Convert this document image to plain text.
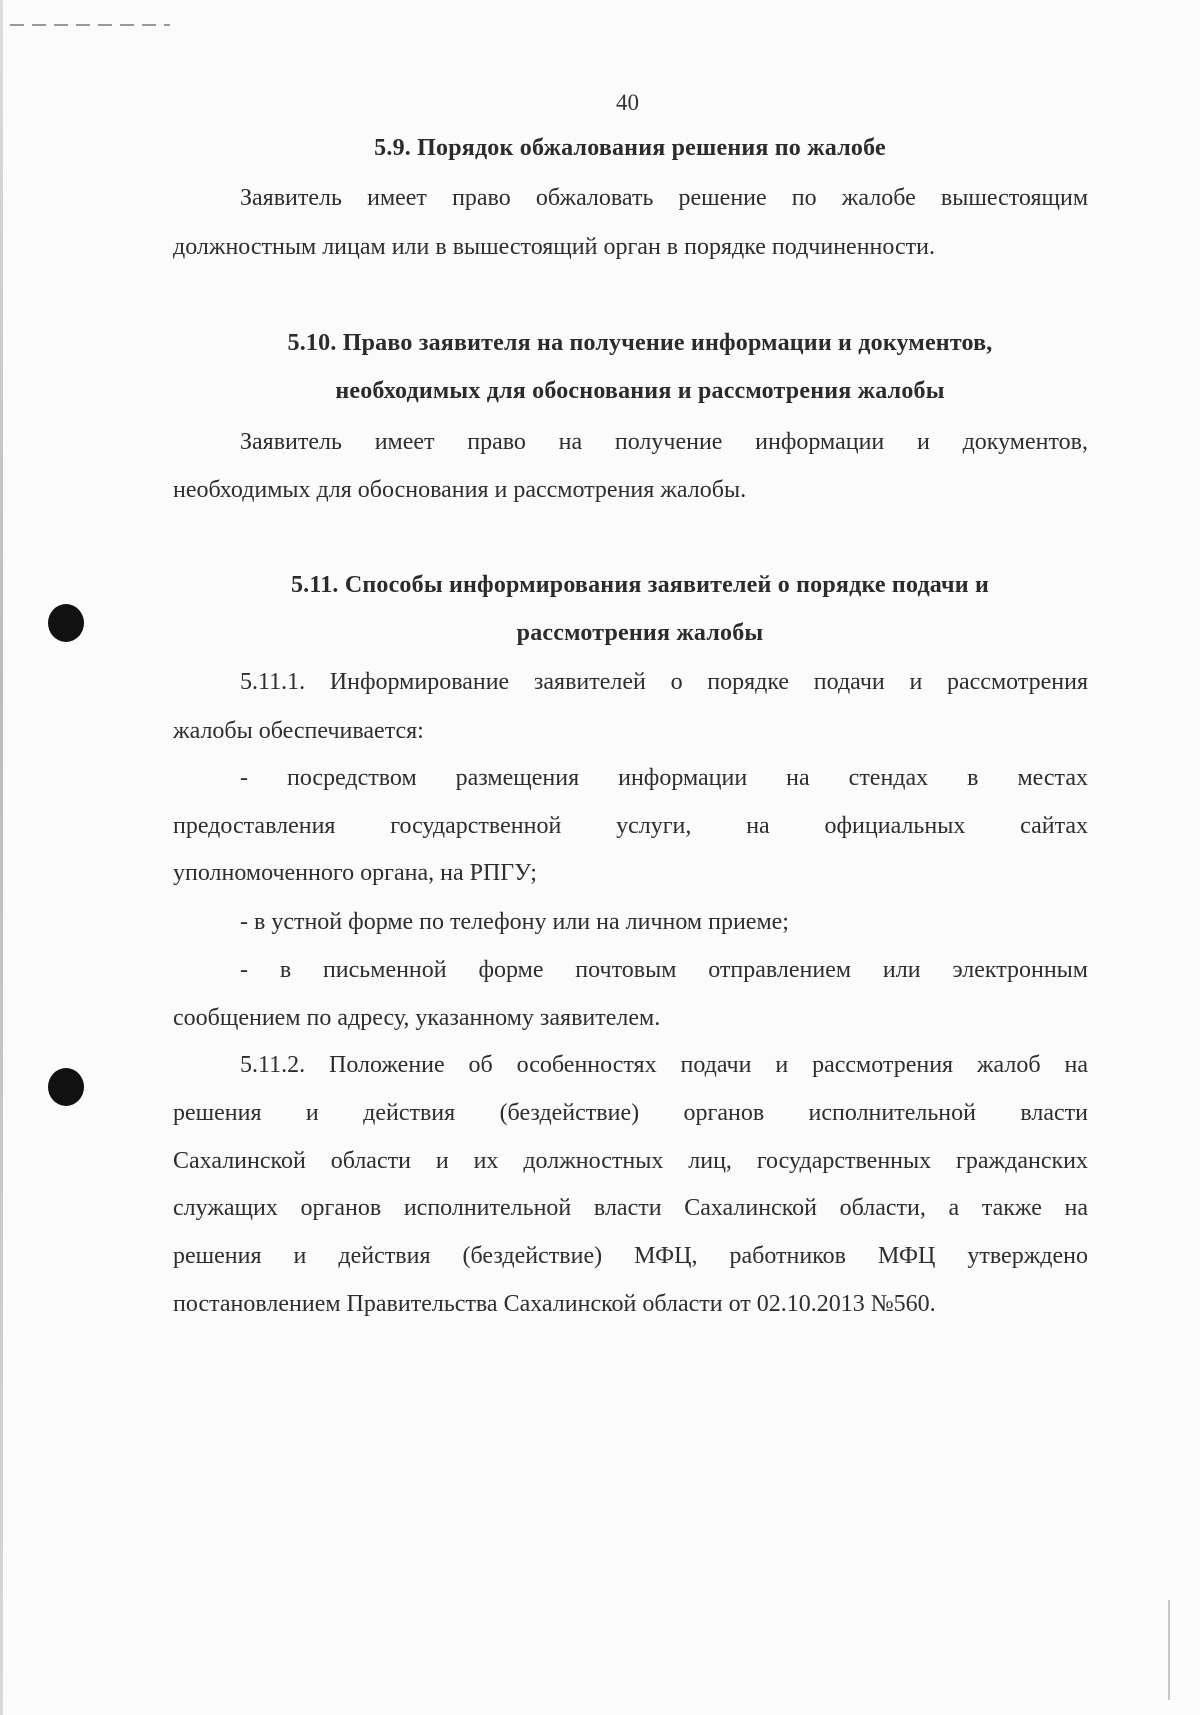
40
5.9. Порядок обжалования решения по жалобе
Заявитель имеет право обжаловать решение по жалобе вышестоящим
должностным лицам или в вышестоящий орган в порядке подчиненности.
5.10. Право заявителя на получение информации и документов,
необходимых для обоснования и рассмотрения жалобы
Заявитель имеет право на получение информации и документов,
необходимых для обоснования и рассмотрения жалобы.
5.11. Способы информирования заявителей о порядке подачи и
рассмотрения жалобы
5.11.1. Информирование заявителей о порядке подачи и рассмотрения
жалобы обеспечивается:
- посредством размещения информации на стендах в местах
предоставления государственной услуги, на официальных сайтах
уполномоченного органа, на РПГУ;
- в устной форме по телефону или на личном приеме;
- в письменной форме почтовым отправлением или электронным
сообщением по адресу, указанному заявителем.
5.11.2. Положение об особенностях подачи и рассмотрения жалоб на
решения и действия (бездействие) органов исполнительной власти
Сахалинской области и их должностных лиц, государственных гражданских
служащих органов исполнительной власти Сахалинской области, а также на
решения и действия (бездействие) МФЦ, работников МФЦ утверждено
постановлением Правительства Сахалинской области от 02.10.2013 №560.
